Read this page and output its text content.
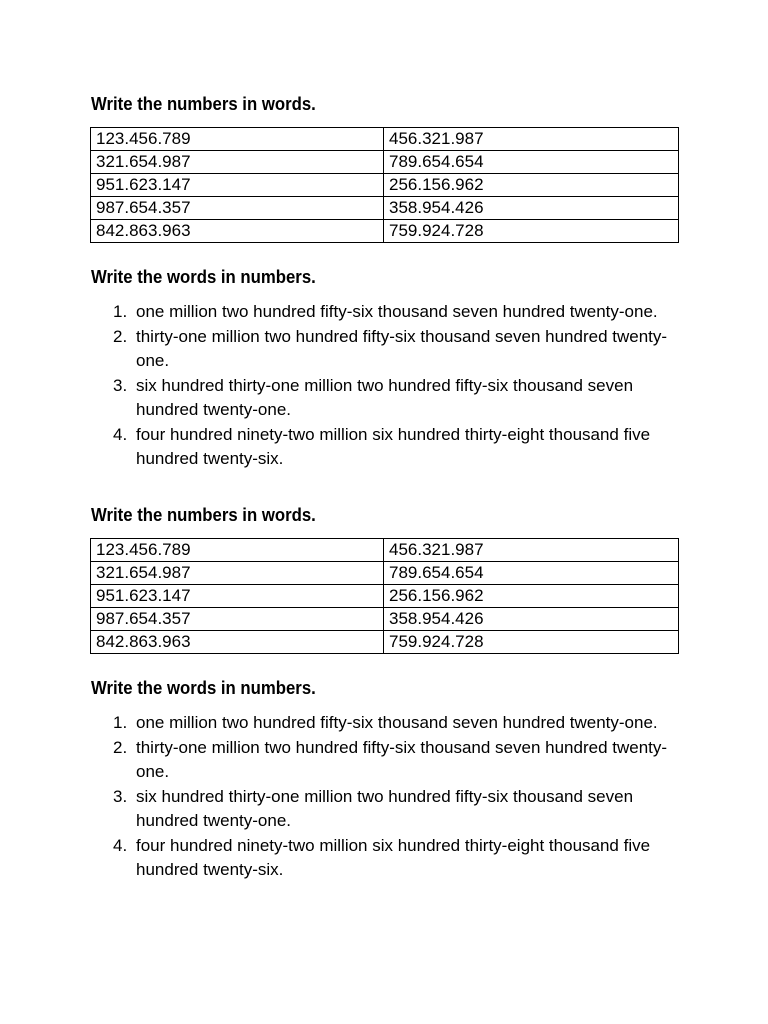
Write the numbers in words.
123.456.789	456.321.987
321.654.987	789.654.654
951.623.147	256.156.962
987.654.357	358.954.426
842.863.963	759.924.728
Write the words in numbers.
1. one million two hundred fifty-six thousand seven hundred twenty-one.
2. thirty-one million two hundred fifty-six thousand seven hundred twenty-one.
3. six hundred thirty-one million two hundred fifty-six thousand seven hundred twenty-one.
4. four hundred ninety-two million six hundred thirty-eight thousand five hundred twenty-six.
Write the numbers in words.
123.456.789	456.321.987
321.654.987	789.654.654
951.623.147	256.156.962
987.654.357	358.954.426
842.863.963	759.924.728
Write the words in numbers.
1. one million two hundred fifty-six thousand seven hundred twenty-one.
2. thirty-one million two hundred fifty-six thousand seven hundred twenty-one.
3. six hundred thirty-one million two hundred fifty-six thousand seven hundred twenty-one.
4. four hundred ninety-two million six hundred thirty-eight thousand five hundred twenty-six.
